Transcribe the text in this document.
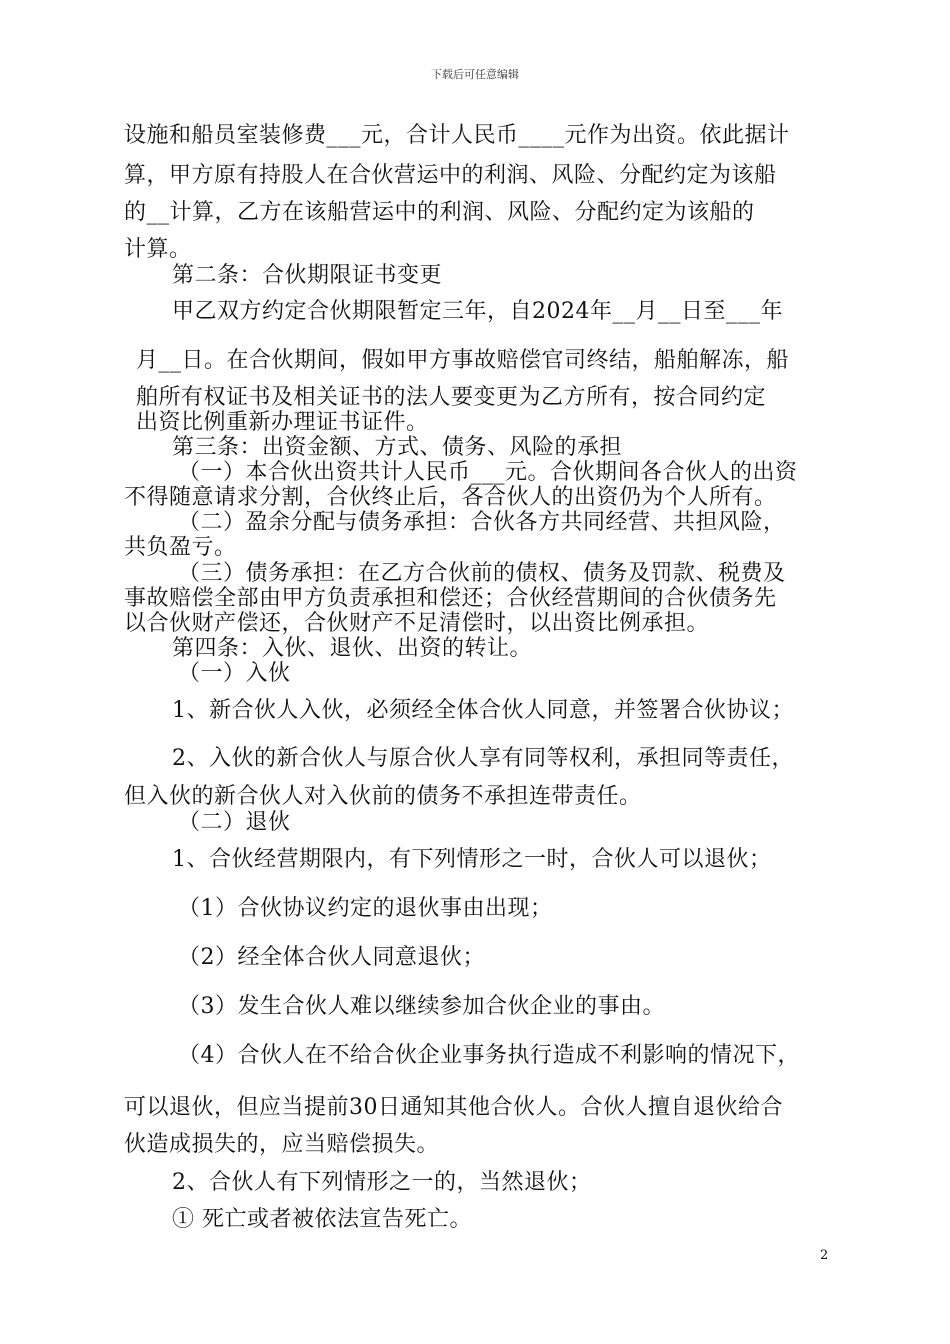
下载后可任意编辑
设施和船员室装修费___元，合计人民币____元作为出资。依此据计
算，甲方原有持股人在合伙营运中的利润、风险、分配约定为该船
的__计算，乙方在该船营运中的利润、风险、分配约定为该船的
计算。
第二条：合伙期限证书变更
甲乙双方约定合伙期限暂定三年，自2024年__月__日至___年
月__日。在合伙期间，假如甲方事故赔偿官司终结，船舶解冻，船
舶所有权证书及相关证书的法人要变更为乙方所有，按合同约定
出资比例重新办理证书证件。
第三条：出资金额、方式、债务、风险的承担
（一）本合伙出资共计人民币___元。合伙期间各合伙人的出资
不得随意请求分割，合伙终止后，各合伙人的出资仍为个人所有。
（二）盈余分配与债务承担：合伙各方共同经营、共担风险，
共负盈亏。
（三）债务承担：在乙方合伙前的债权、债务及罚款、税费及
事故赔偿全部由甲方负责承担和偿还；合伙经营期间的合伙债务先
以合伙财产偿还，合伙财产不足清偿时，以出资比例承担。
第四条：入伙、退伙、出资的转让。
（一）入伙
1、新合伙人入伙，必须经全体合伙人同意，并签署合伙协议；
2、入伙的新合伙人与原合伙人享有同等权利，承担同等责任，
但入伙的新合伙人对入伙前的债务不承担连带责任。
（二）退伙
1、合伙经营期限内，有下列情形之一时，合伙人可以退伙；
（1）合伙协议约定的退伙事由出现；
（2）经全体合伙人同意退伙；
（3）发生合伙人难以继续参加合伙企业的事由。
（4）合伙人在不给合伙企业事务执行造成不利影响的情况下，
可以退伙，但应当提前30日通知其他合伙人。合伙人擅自退伙给合
伙造成损失的，应当赔偿损失。
2、合伙人有下列情形之一的，当然退伙；
① 死亡或者被依法宣告死亡。
2
